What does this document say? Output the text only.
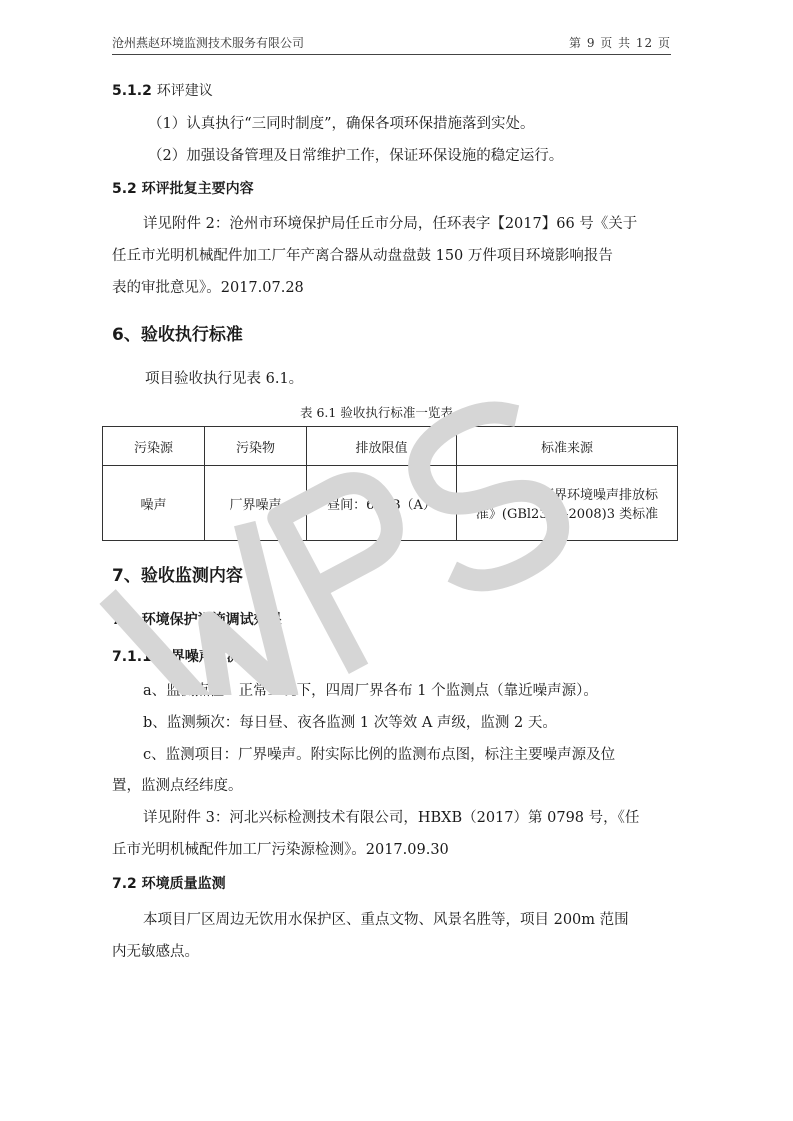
沧州燕赵环境监测技术服务有限公司	第 9 页 共 12 页
5.1.2 环评建议
（1）认真执行“三同时制度”，确保各项环保措施落到实处。
（2）加强设备管理及日常维护工作，保证环保设施的稳定运行。
5.2 环评批复主要内容
详见附件 2：沧州市环境保护局任丘市分局，任环表字【2017】66 号《关于
任丘市光明机械配件加工厂年产离合器从动盘盘鼓 150 万件项目环境影响报告
表的审批意见》。2017.07.28
6、验收执行标准
项目验收执行见表 6.1。
表 6.1 验收执行标准一览表
污染源	污染物	排放限值	标准来源
噪声	厂界噪声	昼间：65dB（A）	《工业企业厂界环境噪声排放标
准》(GBl2348-2008)3 类标准
7、验收监测内容
7.1 环境保护设施调试效果
7.1.1 厂界噪声监测
a、监测点位：正常工况下，四周厂界各布 1 个监测点（靠近噪声源）。
b、监测频次：每日昼、夜各监测 1 次等效 A 声级，监测 2 天。
c、监测项目：厂界噪声。附实际比例的监测布点图，标注主要噪声源及位
置，监测点经纬度。
详见附件 3：河北兴标检测技术有限公司，HBXB（2017）第 0798 号，《任
丘市光明机械配件加工厂污染源检测》。2017.09.30
7.2 环境质量监测
本项目厂区周边无饮用水保护区、重点文物、风景名胜等，项目 200m 范围
内无敏感点。
